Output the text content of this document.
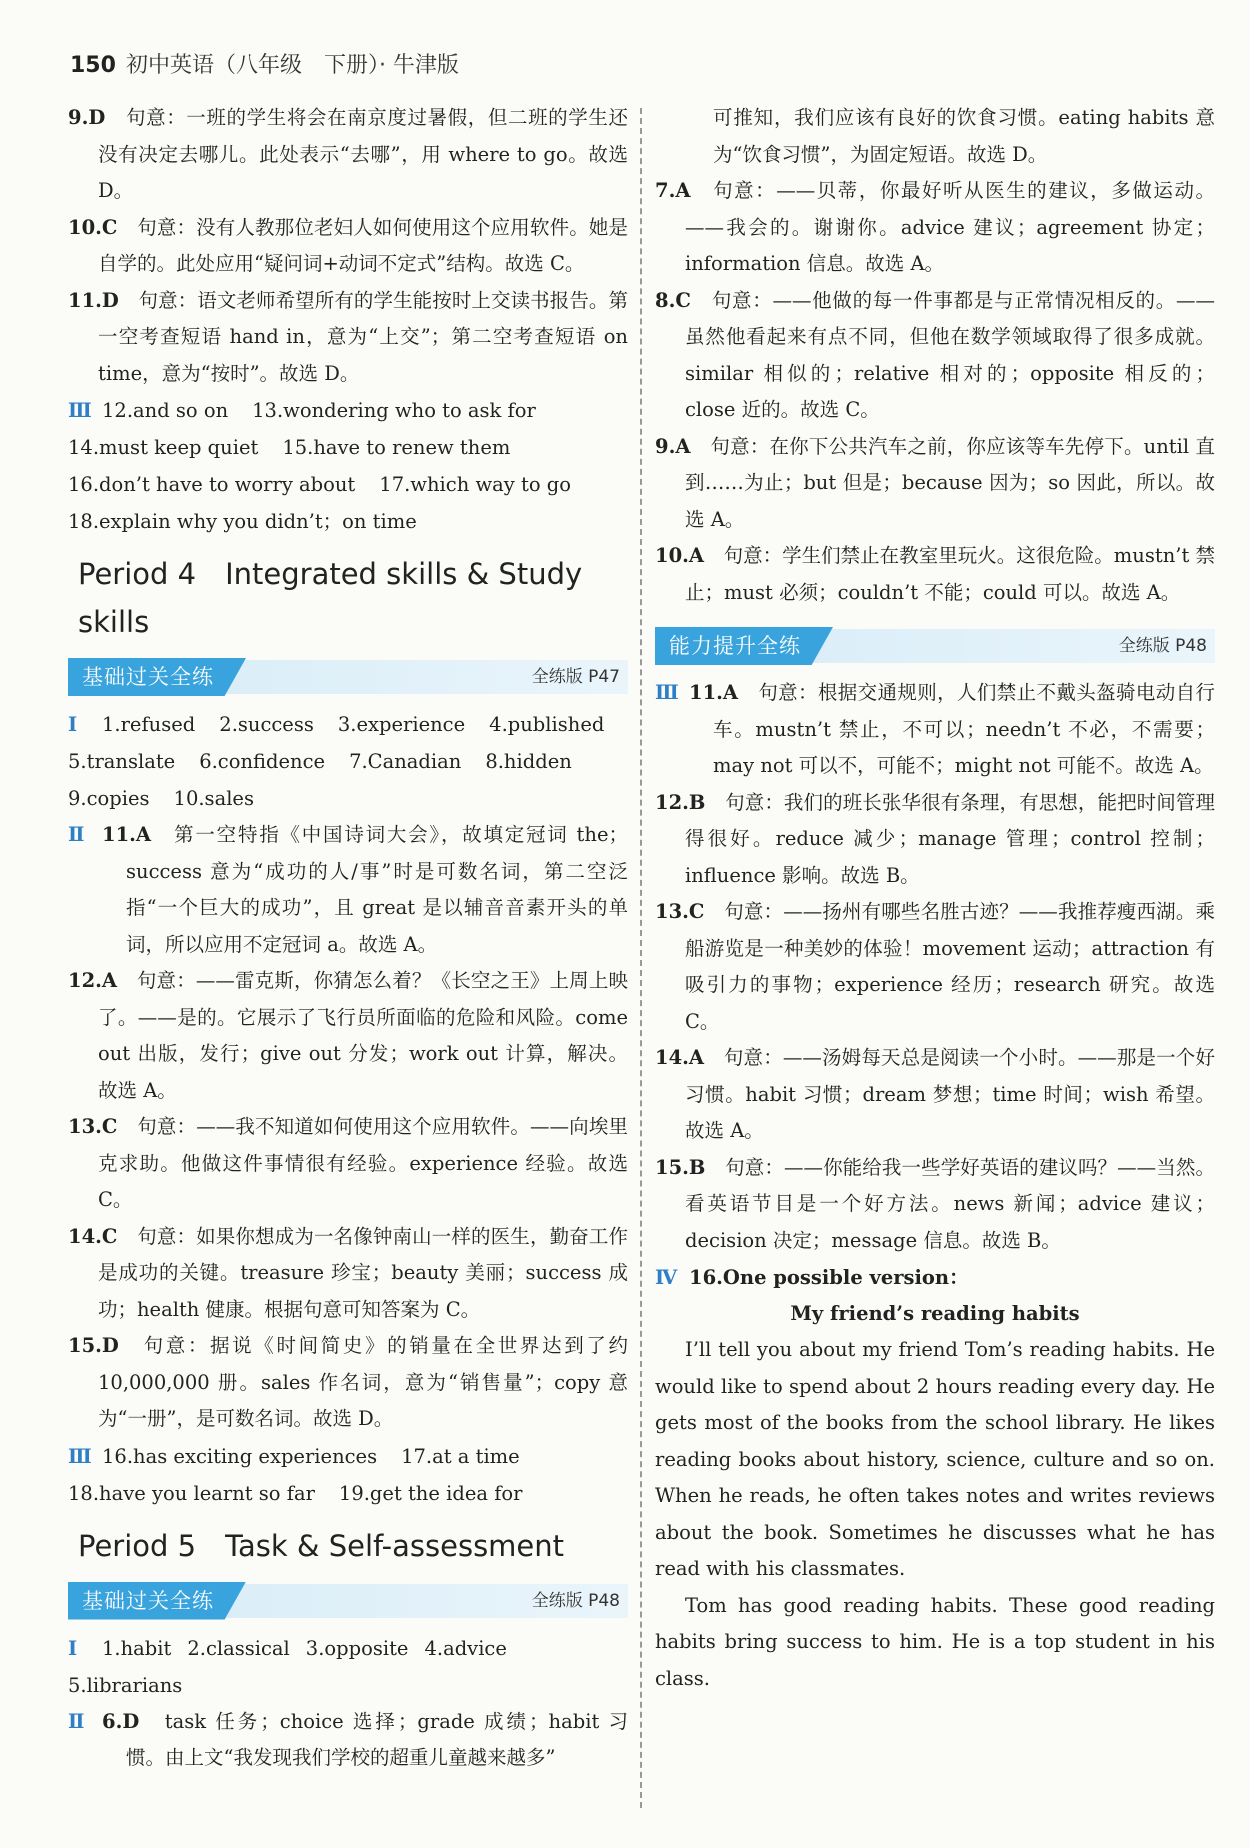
150 初中英语（八年级　下册）· 牛津版
9.D　 句意：一班的学生将会在南京度过暑假，但二班的学生还没有决定去哪儿。此处表示“去哪”，用 where to go。故选 D。
10.C　 句意：没有人教那位老妇人如何使用这个应用软件。她是自学的。此处应用“疑问词+动词不定式”结构。故选 C。
11.D　 句意：语文老师希望所有的学生能按时上交读书报告。第一空考查短语 hand in，意为“上交”；第二空考查短语 on time，意为“按时”。故选 D。
Ⅲ 12.and so on 13.wondering who to ask for
14.must keep quiet 15.have to renew them
16.don’t have to worry about 17.which way to go
18.explain why you didn’t；on time
Period 4　Integrated skills & Study skills
基础过关全练	全练版 P47
Ⅰ 1.refused 2.success 3.experience 4.published
5.translate 6.confidence 7.Canadian 8.hidden
9.copies 10.sales
Ⅱ 11.A　 第一空特指《中国诗词大会》，故填定冠词 the；success 意为“成功的人/事”时是可数名词，第二空泛指“一个巨大的成功”，且 great 是以辅音音素开头的单词，所以应用不定冠词 a。故选 A。
12.A　 句意：——雷克斯，你猜怎么着？《长空之王》上周上映了。——是的。它展示了飞行员所面临的危险和风险。come out 出版，发行；give out 分发；work out 计算，解决。故选 A。
13.C　 句意：——我不知道如何使用这个应用软件。——向埃里克求助。他做这件事情很有经验。experience 经验。故选 C。
14.C　 句意：如果你想成为一名像钟南山一样的医生，勤奋工作是成功的关键。treasure 珍宝；beauty 美丽；success 成功；health 健康。根据句意可知答案为 C。
15.D　 句意：据说《时间简史》的销量在全世界达到了约 10,000,000 册。sales 作名词，意为“销售量”；copy 意为“一册”，是可数名词。故选 D。
Ⅲ 16.has exciting experiences 17.at a time
18.have you learnt so far 19.get the idea for
Period 5　Task & Self-assessment
基础过关全练	全练版 P48
Ⅰ 1.habit 2.classical 3.opposite 4.advice5.librarians
Ⅱ 6.D　 task 任务；choice 选择；grade 成绩；habit 习惯。由上文“我发现我们学校的超重儿童越来越多”
可推知，我们应该有良好的饮食习惯。eating habits 意为“饮食习惯”，为固定短语。故选 D。
7.A　 句意：——贝蒂，你最好听从医生的建议，多做运动。——我会的。谢谢你。advice 建议；agreement 协定；information 信息。故选 A。
8.C　 句意：——他做的每一件事都是与正常情况相反的。——虽然他看起来有点不同，但他在数学领域取得了很多成就。similar 相似的；relative 相对的；opposite 相反的；close 近的。故选 C。
9.A　 句意：在你下公共汽车之前，你应该等车先停下。until 直到……为止；but 但是；because 因为；so 因此，所以。故选 A。
10.A　 句意：学生们禁止在教室里玩火。这很危险。mustn’t 禁止；must 必须；couldn’t 不能；could 可以。故选 A。
能力提升全练	全练版 P48
Ⅲ 11.A　 句意：根据交通规则，人们禁止不戴头盔骑电动自行车。mustn’t 禁止，不可以；needn’t 不必，不需要；may not 可以不，可能不；might not 可能不。故选 A。
12.B　 句意：我们的班长张华很有条理，有思想，能把时间管理得很好。reduce 减少；manage 管理；control 控制；influence 影响。故选 B。
13.C　 句意：——扬州有哪些名胜古迹？——我推荐瘦西湖。乘船游览是一种美妙的体验！movement 运动；attraction 有吸引力的事物；experience 经历；research 研究。故选 C。
14.A　 句意：——汤姆每天总是阅读一个小时。——那是一个好习惯。habit 习惯；dream 梦想；time 时间；wish 希望。故选 A。
15.B　 句意：——你能给我一些学好英语的建议吗？——当然。看英语节目是一个好方法。news 新闻；advice 建议；decision 决定；message 信息。故选 B。
Ⅳ 16.One possible version：
My friend’s reading habits
I’ll tell you about my friend Tom’s reading habits. He would like to spend about 2 hours reading every day. He gets most of the books from the school library. He likes reading books about history, science, culture and so on. When he reads, he often takes notes and writes reviews about the book. Sometimes he discusses what he has read with his classmates.
Tom has good reading habits. These good reading habits bring success to him. He is a top student in his class.
